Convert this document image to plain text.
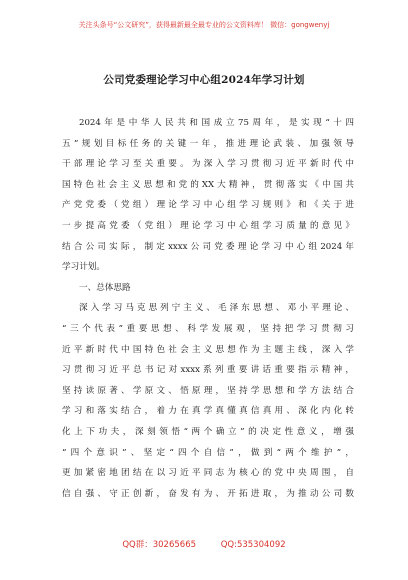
关注头条号“公文研究”，获得最新最全最专业的公文资料库！ 微信：gongwenyj
公司党委理论学习中心组2024年学习计划
2024年是中华人民共和国成立75周年，是实现“十四
五”规划目标任务的关键一年，推进理论武装、加强领导
干部理论学习至关重要。为深入学习贯彻习近平新时代中
国特色社会主义思想和党的XX大精神，贯彻落实《中国共
产党党委（党组）理论学习中心组学习规则》和《关于进
一步提高党委（党组）理论学习中心组学习质量的意见》
结合公司实际，制定xxxx公司党委理论学习中心组2024年
学习计划。
一、总体思路
深入学习马克思列宁主义、毛泽东思想、邓小平理论、
“三个代表”重要思想、科学发展观，坚持把学习贯彻习
近平新时代中国特色社会主义思想作为主题主线，深入学
习贯彻习近平总书记对xxxx系列重要讲话重要指示精神，
坚持读原著、学原文、悟原理，坚持学思想和学方法结合
学习和落实结合，着力在真学真懂真信真用、深化内化转
化上下功夫，深刻领悟“两个确立”的决定性意义，增强
“四个意识”、坚定“四个自信”，做到“两个维护”，
更加紧密地团结在以习近平同志为核心的党中央周围，自
信自强、守正创新，奋发有为、开拓进取，为推动公司数
QQ群：30265665	QQ:535304092
